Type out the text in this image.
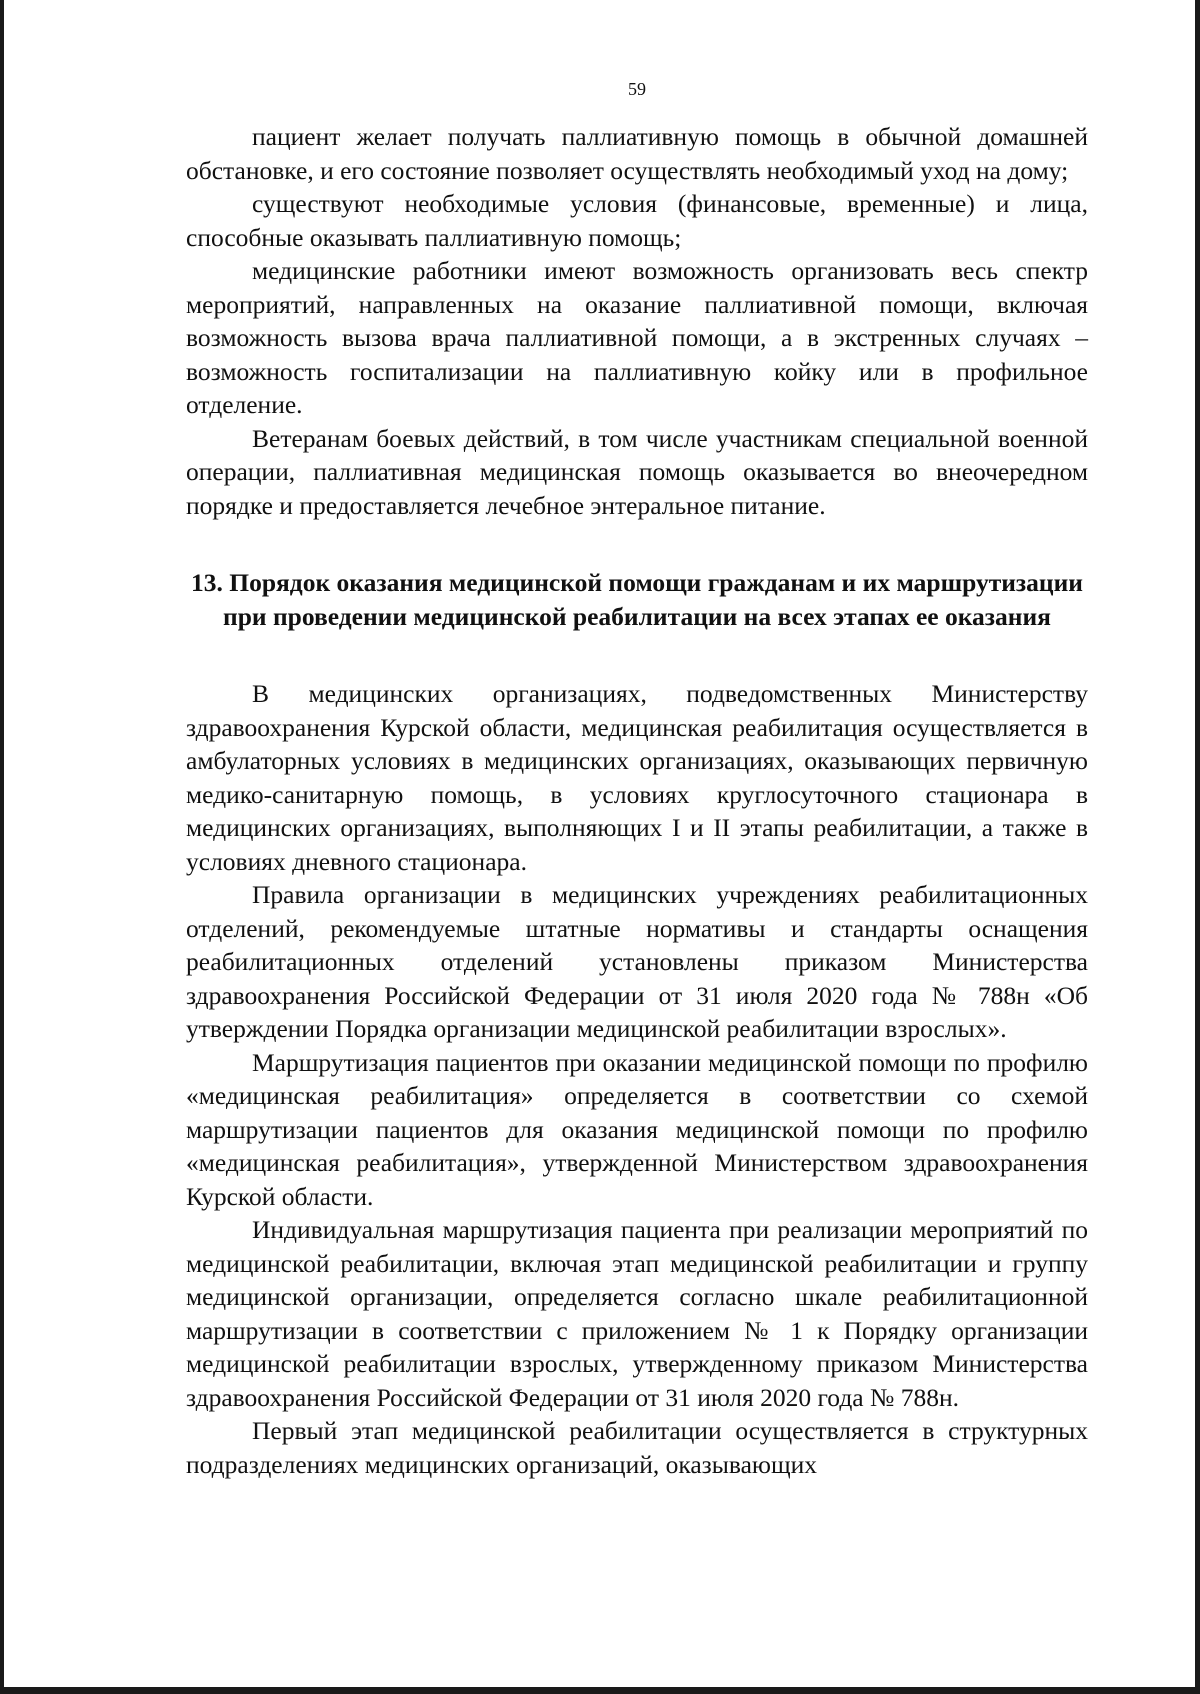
59

пациент желает получать паллиативную помощь в обычной домашней обстановке, и его состояние позволяет осуществлять необходимый уход на дому;

существуют необходимые условия (финансовые, временные) и лица, способные оказывать паллиативную помощь;

медицинские работники имеют возможность организовать весь спектр мероприятий, направленных на оказание паллиативной помощи, включая возможность вызова врача паллиативной помощи, а в экстренных случаях – возможность госпитализации на паллиативную койку или в профильное отделение.

Ветеранам боевых действий, в том числе участникам специальной военной операции, паллиативная медицинская помощь оказывается во внеочередном порядке и предоставляется лечебное энтеральное питание.

13. Порядок оказания медицинской помощи гражданам и их маршрутизации при проведении медицинской реабилитации на всех этапах ее оказания

В медицинских организациях, подведомственных Министерству здравоохранения Курской области, медицинская реабилитация осуществляется в амбулаторных условиях в медицинских организациях, оказывающих первичную медико-санитарную помощь, в условиях круглосуточного стационара в медицинских организациях, выполняющих I и II этапы реабилитации, а также в условиях дневного стационара.

Правила организации в медицинских учреждениях реабилитационных отделений, рекомендуемые штатные нормативы и стандарты оснащения реабилитационных отделений установлены приказом Министерства здравоохранения Российской Федерации от 31 июля 2020 года № 788н «Об утверждении Порядка организации медицинской реабилитации взрослых».

Маршрутизация пациентов при оказании медицинской помощи по профилю «медицинская реабилитация» определяется в соответствии со схемой маршрутизации пациентов для оказания медицинской помощи по профилю «медицинская реабилитация», утвержденной Министерством здравоохранения Курской области.

Индивидуальная маршрутизация пациента при реализации мероприятий по медицинской реабилитации, включая этап медицинской реабилитации и группу медицинской организации, определяется согласно шкале реабилитационной маршрутизации в соответствии с приложением № 1 к Порядку организации медицинской реабилитации взрослых, утвержденному приказом Министерства здравоохранения Российской Федерации от 31 июля 2020 года № 788н.

Первый этап медицинской реабилитации осуществляется в структурных подразделениях медицинских организаций, оказывающих
